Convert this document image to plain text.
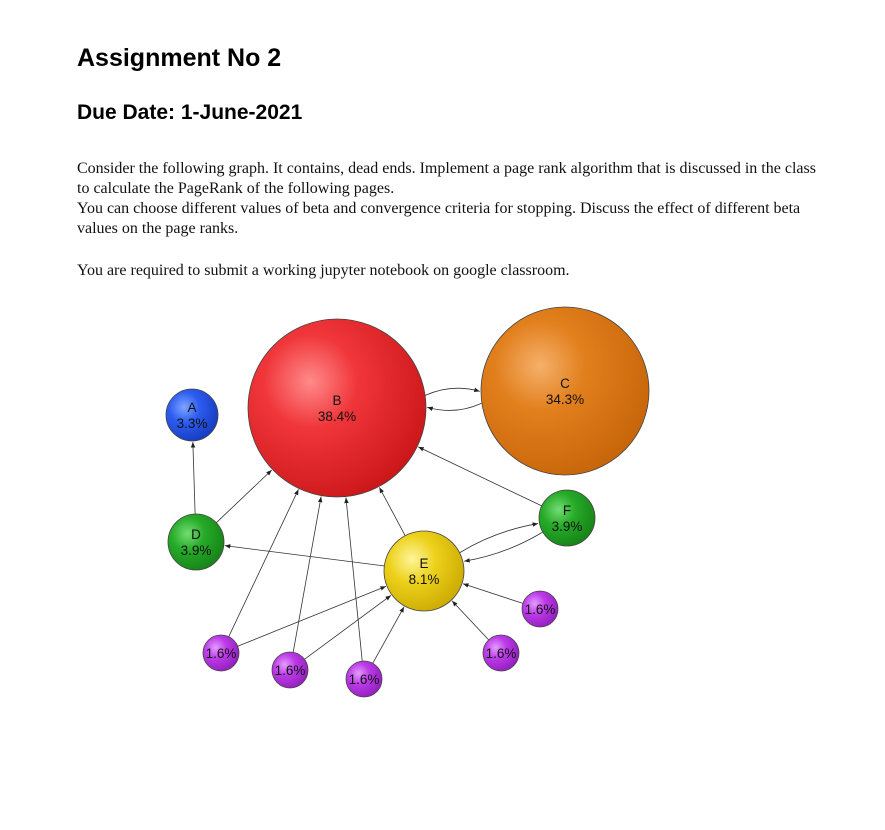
Assignment No 2
Due Date: 1-June-2021

Consider the following graph. It contains, dead ends. Implement a page rank algorithm that is discussed in the class to calculate the PageRank of the following pages.

You can choose different values of beta and convergence criteria for stopping. Discuss the effect of different beta values on the page ranks.

You are required to submit a working jupyter notebook on google classroom.

B
38.4%
C
34.3%
A
3.3%
D
3.9%
E
8.1%
F
3.9%
1.6%
1.6%
1.6%
1.6%
1.6%
